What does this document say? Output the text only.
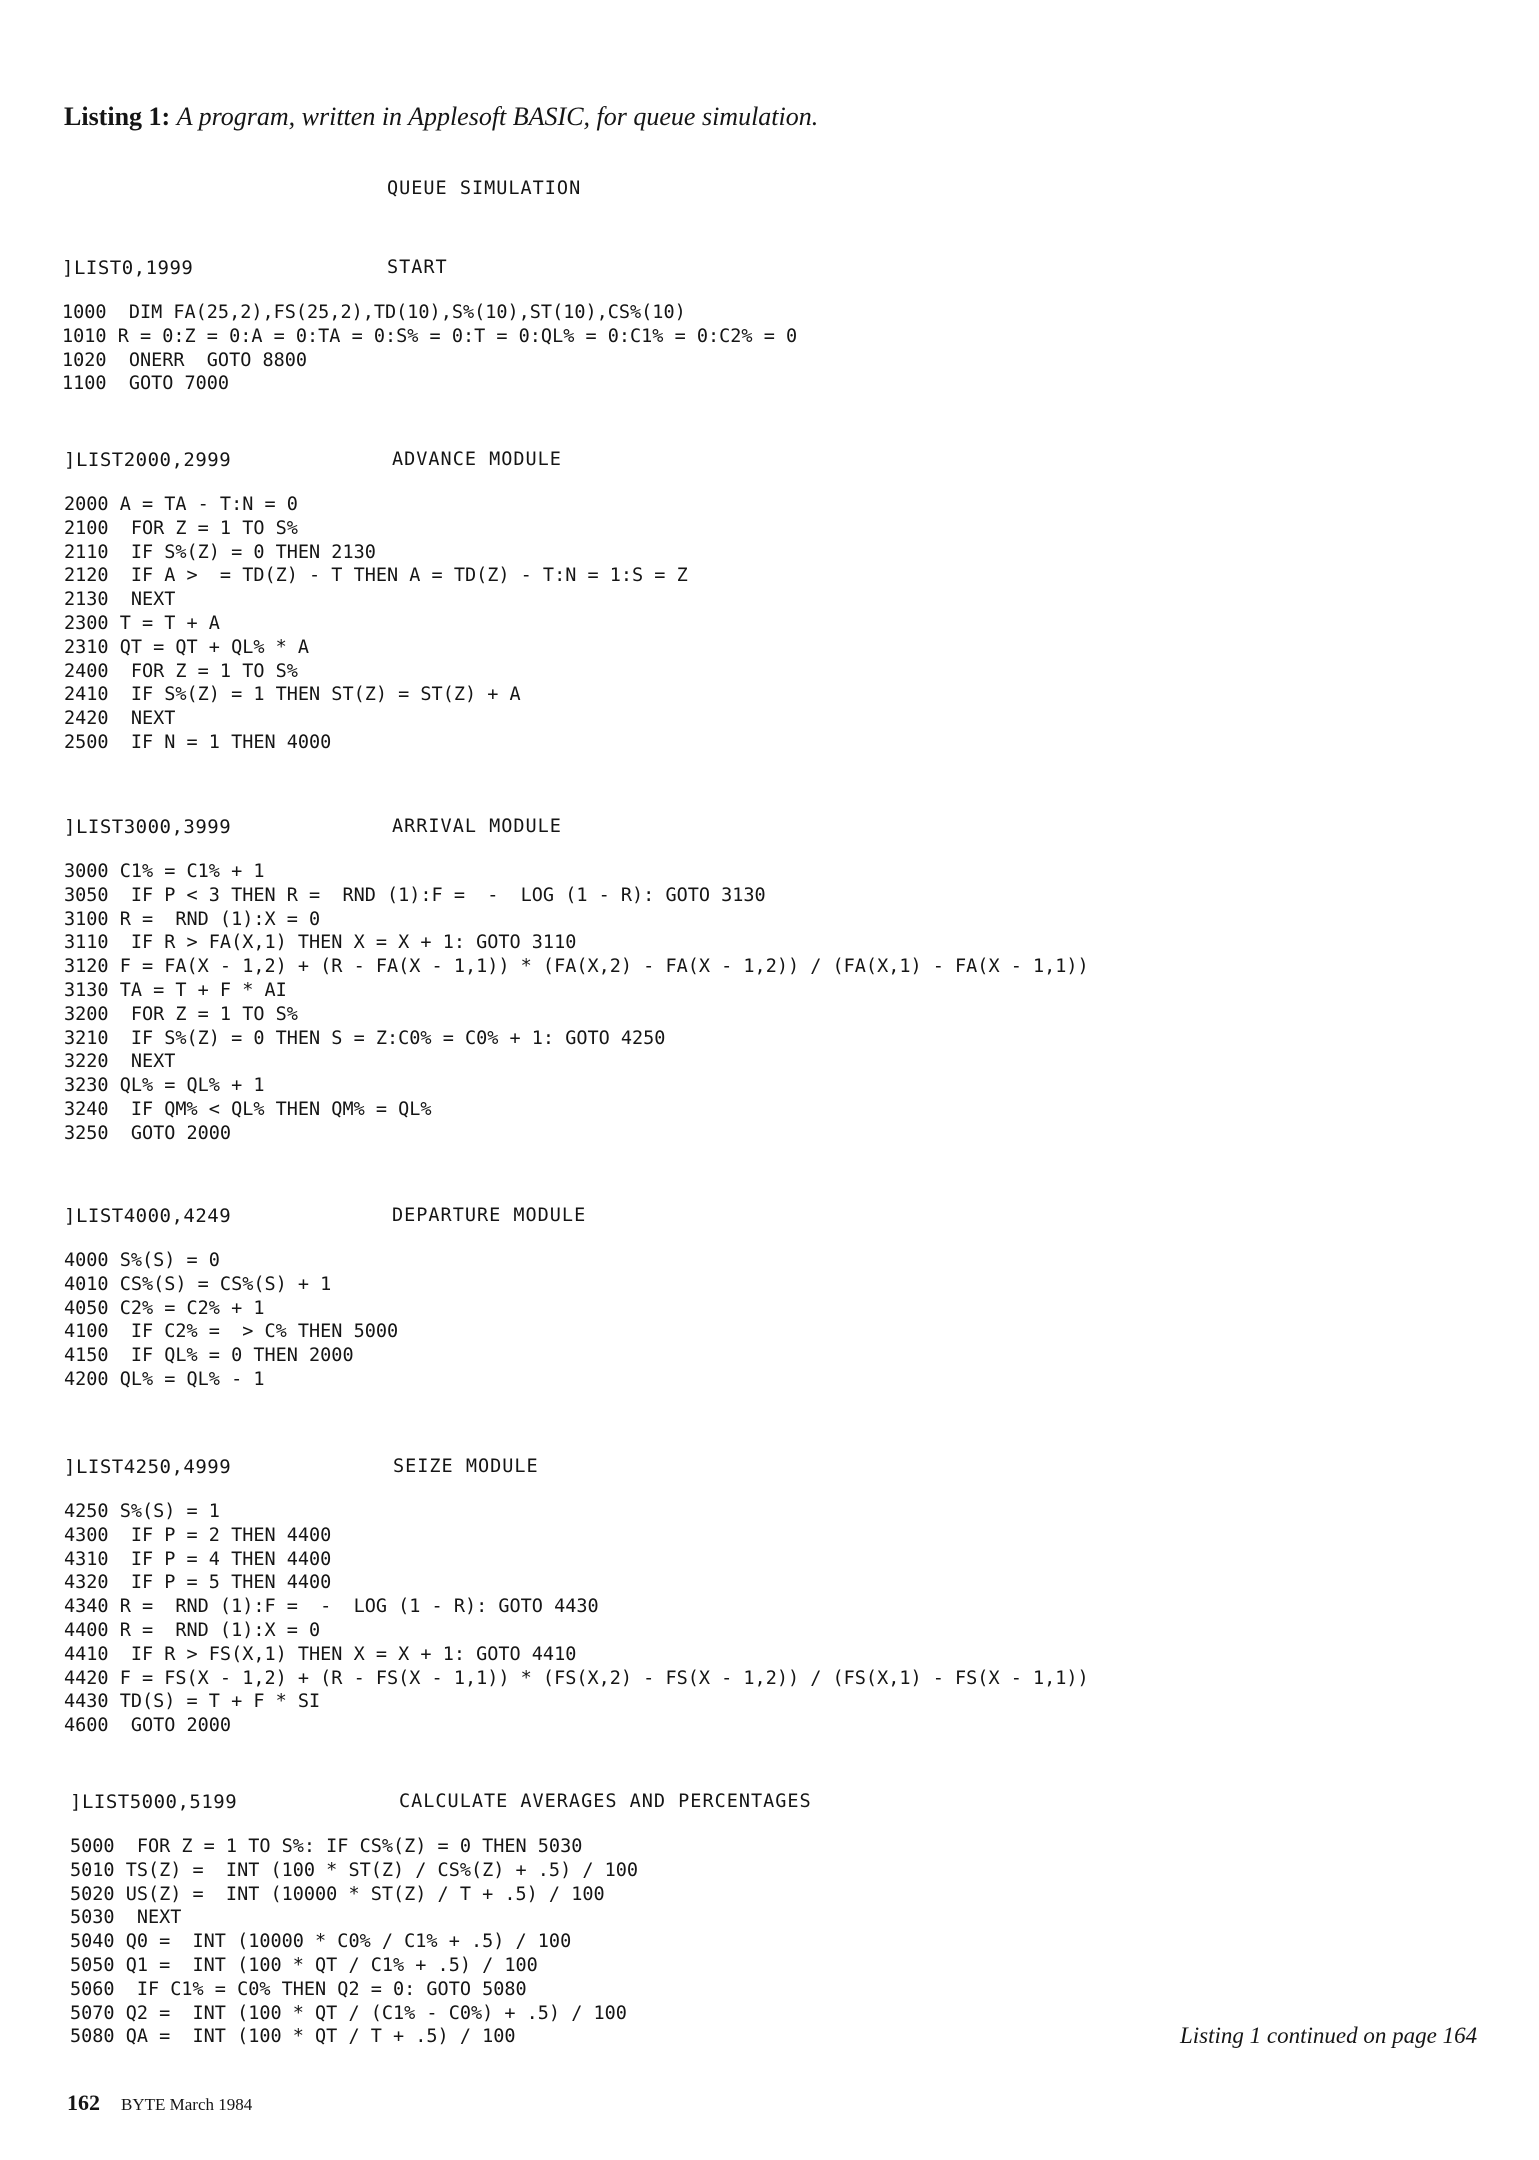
Listing 1: A program, written in Applesoft BASIC, for queue simulation.
QUEUE SIMULATION

]LIST0,1999

	START

1000  DIM FA(25,2),FS(25,2),TD(10),S%(10),ST(10),CS%(10)
1010 R = 0:Z = 0:A = 0:TA = 0:S% = 0:T = 0:QL% = 0:C1% = 0:C2% = 0
1020  ONERR  GOTO 8800
1100  GOTO 7000

]LIST2000,2999

	ADVANCE MODULE

2000 A = TA - T:N = 0
2100  FOR Z = 1 TO S%
2110  IF S%(Z) = 0 THEN 2130
2120  IF A >  = TD(Z) - T THEN A = TD(Z) - T:N = 1:S = Z
2130  NEXT
2300 T = T + A
2310 QT = QT + QL% * A
2400  FOR Z = 1 TO S%
2410  IF S%(Z) = 1 THEN ST(Z) = ST(Z) + A
2420  NEXT
2500  IF N = 1 THEN 4000

]LIST3000,3999

	ARRIVAL MODULE

3000 C1% = C1% + 1
3050  IF P < 3 THEN R =  RND (1):F =  -  LOG (1 - R): GOTO 3130
3100 R =  RND (1):X = 0
3110  IF R > FA(X,1) THEN X = X + 1: GOTO 3110
3120 F = FA(X - 1,2) + (R - FA(X - 1,1)) * (FA(X,2) - FA(X - 1,2)) / (FA(X,1) - FA(X - 1,1))
3130 TA = T + F * AI
3200  FOR Z = 1 TO S%
3210  IF S%(Z) = 0 THEN S = Z:C0% = C0% + 1: GOTO 4250
3220  NEXT
3230 QL% = QL% + 1
3240  IF QM% < QL% THEN QM% = QL%
3250  GOTO 2000

]LIST4000,4249

	DEPARTURE MODULE

4000 S%(S) = 0
4010 CS%(S) = CS%(S) + 1
4050 C2% = C2% + 1
4100  IF C2% =  > C% THEN 5000
4150  IF QL% = 0 THEN 2000
4200 QL% = QL% - 1

]LIST4250,4999

	SEIZE MODULE

4250 S%(S) = 1
4300  IF P = 2 THEN 4400
4310  IF P = 4 THEN 4400
4320  IF P = 5 THEN 4400
4340 R =  RND (1):F =  -  LOG (1 - R): GOTO 4430
4400 R =  RND (1):X = 0
4410  IF R > FS(X,1) THEN X = X + 1: GOTO 4410
4420 F = FS(X - 1,2) + (R - FS(X - 1,1)) * (FS(X,2) - FS(X - 1,2)) / (FS(X,1) - FS(X - 1,1))
4430 TD(S) = T + F * SI
4600  GOTO 2000

]LIST5000,5199

	CALCULATE AVERAGES AND PERCENTAGES

5000  FOR Z = 1 TO S%: IF CS%(Z) = 0 THEN 5030
5010 TS(Z) =  INT (100 * ST(Z) / CS%(Z) + .5) / 100
5020 US(Z) =  INT (10000 * ST(Z) / T + .5) / 100
5030  NEXT
5040 Q0 =  INT (10000 * C0% / C1% + .5) / 100
5050 Q1 =  INT (100 * QT / C1% + .5) / 100
5060  IF C1% = C0% THEN Q2 = 0: GOTO 5080
5070 Q2 =  INT (100 * QT / (C1% - C0%) + .5) / 100
5080 QA =  INT (100 * QT / T + .5) / 100	Listing 1 continued on page 164
162 BYTE March 1984
